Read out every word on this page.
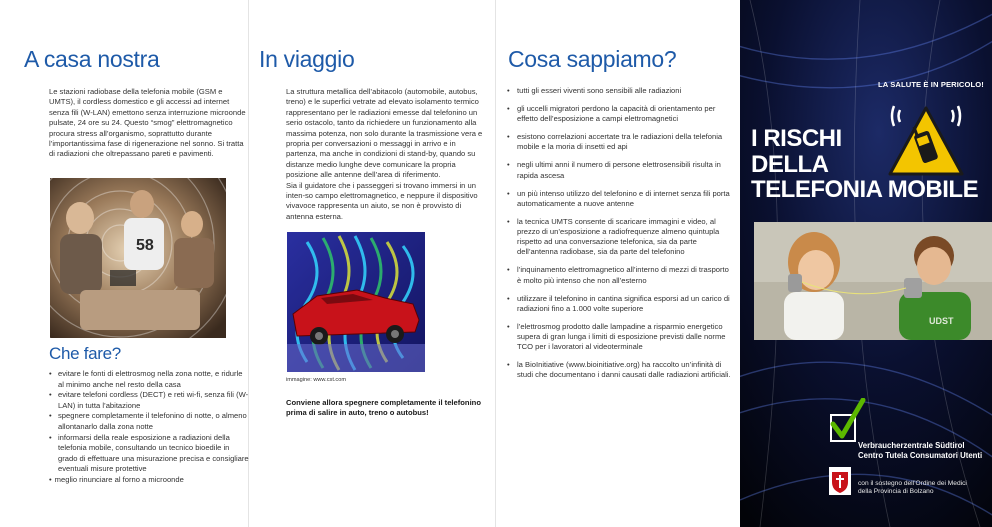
A casa nostra

Le stazioni radiobase della telefonia mobile (GSM e UMTS), il cordless domestico e gli accessi ad internet senza fili (W-LAN) emettono senza interruzione microonde pulsate, 24 ore su 24. Questo “smog” elettromagnetico procura stress all’organismo, soprattutto durante l’importantissima fase di rigenerazione nel sonno. Si tratta di radiazioni che oltrepassano pareti e pavimenti.

58
Che fare?
• evitare le fonti di elettrosmog nella zona notte, e ridurle al minimo anche nel resto della casa
• evitare telefoni cordless (DECT) e reti wi-fi, senza fili (W-LAN) in tutta l’abitazione
• spegnere completamente il telefonino di notte, o almeno allontanarlo dalla zona notte
• informarsi della reale esposizione a radiazioni della telefonia mobile, consultando un tecnico bioedile in grado di effettuare una misurazione precisa e consigliare eventuali misure protettive
• meglio rinunciare al forno a microonde
In viaggio

La struttura metallica dell’abitacolo (automobile, autobus, treno) e le superfici vetrate ad elevato isolamento termico rappresentano per le radiazioni emesse dal telefonino un serio ostacolo, tanto da richiedere un funzionamento alla massima potenza, non solo durante la trasmissione vera e propria per conversazioni o messaggi in arrivo e in partenza, ma anche in condizioni di stand-by, quando su distanze medio lunghe deve comunicare la propria posizione alle antenne dell’area di riferimento.

Sia il guidatore che i passeggeri si trovano immersi in un inten-so campo elettromagnetico, e neppure il dispositivo vivavoce rappresenta un aiuto, se non è provvisto di antenna esterna.

immagine: www.cst.com

Conviene allora spegnere completamente il telefonino prima di salire in auto, treno o autobus!

Cosa sappiamo?
• tutti gli esseri viventi sono sensibili alle radiazioni
• gli uccelli migratori perdono la capacità di orientamento per effetto dell’esposizione a campi elettromagnetici
• esistono correlazioni accertate tra le radiazioni della telefonia mobile e la moria di insetti ed api
• negli ultimi anni il numero di persone elettrosensibili risulta in rapida ascesa
• un più intenso utilizzo del telefonino e di internet senza fili porta automaticamente a nuove antenne
• la tecnica UMTS consente di scaricare immagini e video, al prezzo di un’esposizione a radiofrequenze almeno quintupla rispetto ad una conversazione telefonica, sia da parte dell’antenna radiobase, sia da parte del telefonino
• l’inquinamento elettromagnetico all’interno di mezzi di trasporto è molto più intenso che non all’esterno
• utilizzare il telefonino in cantina significa esporsi ad un carico di radiazioni fino a 1.000 volte superiore
• l’elettrosmog prodotto dalle lampadine a risparmio energetico supera di gran lunga i limiti di esposizione previsti dalle norme TCO per i lavoratori al videoterminale
• la BioInitiative (www.bioinitiative.org) ha raccolto un’infinità di studi che documentano i danni causati dalle radiazioni artificiali.
LA SALUTE È IN PERICOLO!
I RISCHI
DELLA
TELEFONIA MOBILE
UDST
Verbraucherzentrale Südtirol
Centro Tutela Consumatori Utenti
con il sostegno dell’Ordine dei Medici
della Provincia di Bolzano
